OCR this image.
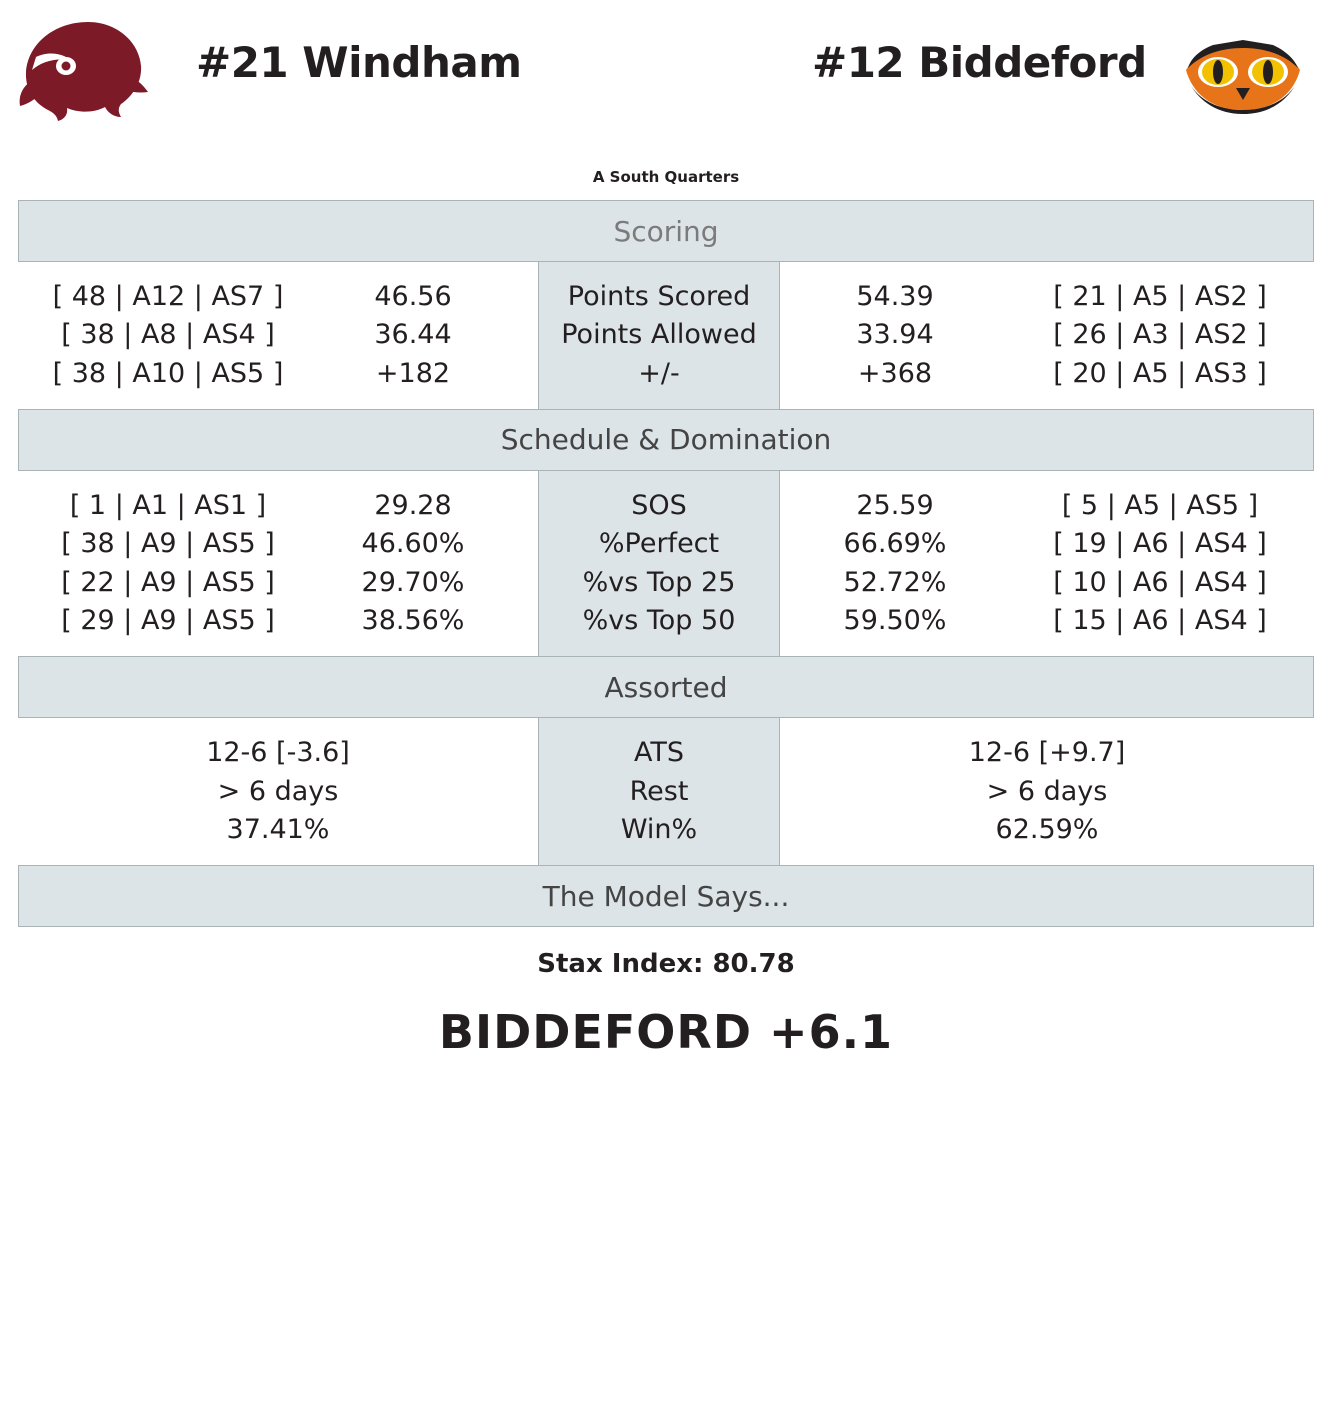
#21 Windham	#12 Biddeford
A South Quarters
Scoring
[ 48 | A12 | AS7 ]
[ 38 | A8 | AS4 ]
[ 38 | A10 | AS5 ]
46.56
36.44
+182
Points Scored
Points Allowed
+/-
54.39
33.94
+368
[ 21 | A5 | AS2 ]
[ 26 | A3 | AS2 ]
[ 20 | A5 | AS3 ]
Schedule & Domination
[ 1 | A1 | AS1 ]
[ 38 | A9 | AS5 ]
[ 22 | A9 | AS5 ]
[ 29 | A9 | AS5 ]
29.28
46.60%
29.70%
38.56%
SOS
%Perfect
%vs Top 25
%vs Top 50
25.59
66.69%
52.72%
59.50%
[ 5 | A5 | AS5 ]
[ 19 | A6 | AS4 ]
[ 10 | A6 | AS4 ]
[ 15 | A6 | AS4 ]
Assorted
12-6 [-3.6]
> 6 days
37.41%
ATS
Rest
Win%
12-6 [+9.7]
> 6 days
62.59%
The Model Says...
Stax Index: 80.78
BIDDEFORD +6.1
